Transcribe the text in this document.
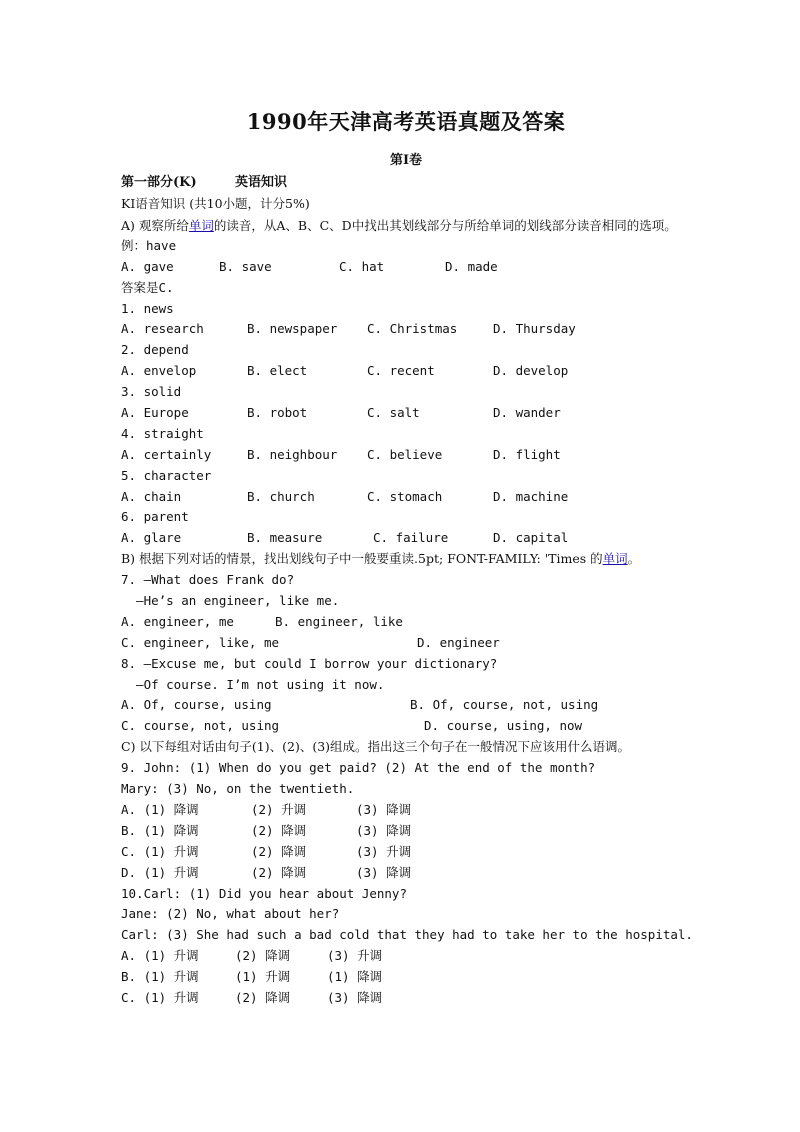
1990年天津高考英语真题及答案
第I卷
第一部分(K)	英语知识
KI语音知识 (共10小题，计分5%)
A) 观察所给单词的读音，从A、B、C、D中找出其划线部分与所给单词的划线部分读音相同的选项。
例：have
A. gave	B. save	C. hat	D. made
答案是C.
1. news
A. research	B. newspaper	C. Christmas	D. Thursday
2. depend
A. envelop	B. elect	C. recent	D. develop
3. solid
A. Europe	B. robot	C. salt	D. wander
4. straight
A. certainly	B. neighbour	C. believe	D. flight
5. character
A. chain	B. church	C. stomach	D. machine
6. parent
A. glare	B. measure	C. failure	D. capital
B) 根据下列对话的情景，找出划线句子中一般要重读.5pt; FONT-FAMILY: 'Times 的单词。
7. —What does Frank do?
—He’s an engineer, like me.
A. engineer, me	B. engineer, like
C. engineer, like, me	D. engineer
8. —Excuse me, but could I borrow your dictionary?
—Of course. I’m not using it now.
A. Of, course, using	B. Of, course, not, using
C. course, not, using	D. course, using, now
C) 以下每组对话由句子(1)、(2)、(3)组成。指出这三个句子在一般情况下应该用什么语调。
9. John: (1) When do you get paid? (2) At the end of the month?
Mary: (3) No, on the twentieth.
A. (1) 降调	(2) 升调	(3) 降调
B. (1) 降调	(2) 降调	(3) 降调
C. (1) 升调	(2) 降调	(3) 升调
D. (1) 升调	(2) 降调	(3) 降调
10.Carl: (1) Did you hear about Jenny?
Jane: (2) No, what about her?
Carl: (3) She had such a bad cold that they had to take her to the hospital.
A. (1) 升调	(2) 降调	(3) 升调
B. (1) 升调	(1) 升调	(1) 降调
C. (1) 升调	(2) 降调	(3) 降调
